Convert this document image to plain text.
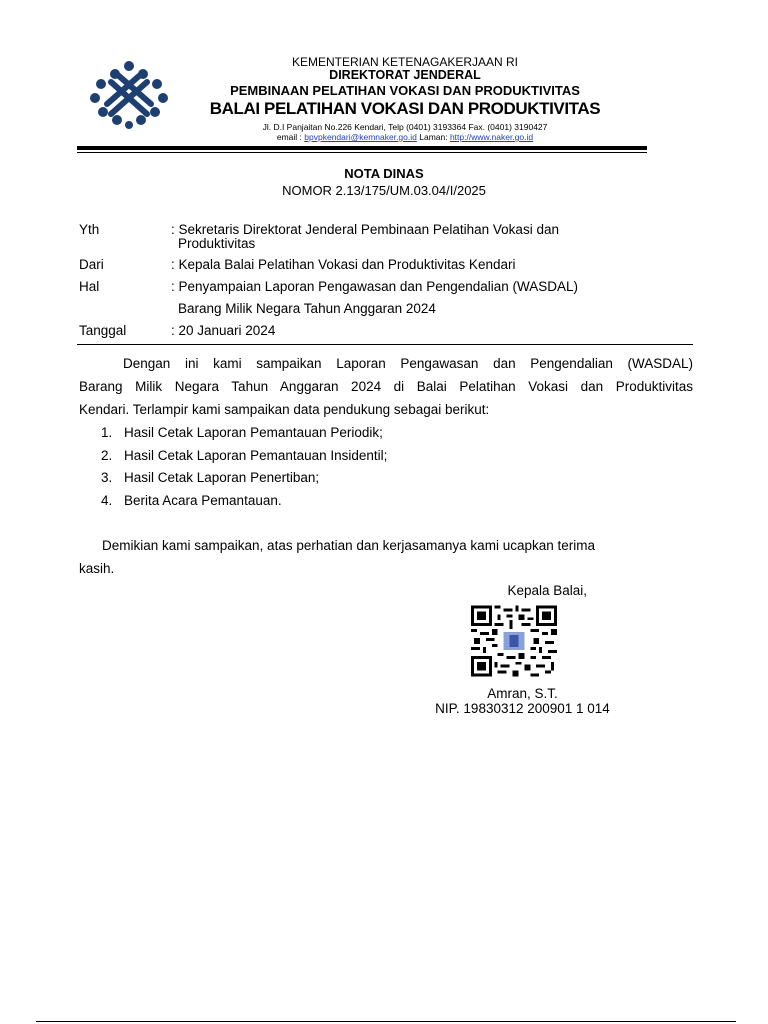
KEMENTERIAN KETENAGAKERJAAN RI
DIREKTORAT JENDERAL
PEMBINAAN PELATIHAN VOKASI DAN PRODUKTIVITAS
BALAI PELATIHAN VOKASI DAN PRODUKTIVITAS
Jl. D.I Panjaitan No.226 Kendari, Telp (0401) 3193364 Fax. (0401) 3190427
email : bpvpkendari@kemnaker.go.id Laman: http://www.naker.go.id
NOTA DINAS
NOMOR 2.13/175/UM.03.04/I/2025
Yth	: Sekretaris Direktorat Jenderal Pembinaan Pelatihan Vokasi dan
Produktivitas
Dari	: Kepala Balai Pelatihan Vokasi dan Produktivitas Kendari
Hal	: Penyampaian Laporan Pengawasan dan Pengendalian (WASDAL)
Barang Milik Negara Tahun Anggaran 2024
Tanggal	: 20 Januari 2024
Dengan ini kami sampaikan Laporan Pengawasan dan Pengendalian (WASDAL)
Barang Milik Negara Tahun Anggaran 2024 di Balai Pelatihan Vokasi dan Produktivitas
Kendari. Terlampir kami sampaikan data pendukung sebagai berikut:
1. Hasil Cetak Laporan Pemantauan Periodik;
2. Hasil Cetak Laporan Pemantauan Insidentil;
3. Hasil Cetak Laporan Penertiban;
4. Berita Acara Pemantauan.
Demikian kami sampaikan, atas perhatian dan kerjasamanya kami ucapkan terima
kasih.
Kepala Balai,
Amran, S.T.
NIP. 19830312 200901 1 014
